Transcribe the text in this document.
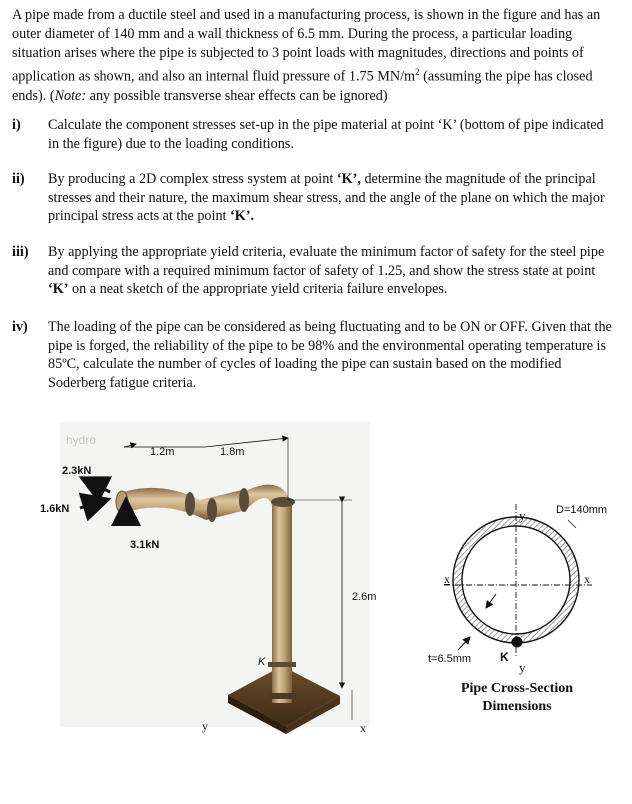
A pipe made from a ductile steel and used in a manufacturing process, is shown in the figure and has an outer diameter of 140 mm and a wall thickness of 6.5 mm. During the process, a particular loading situation arises where the pipe is subjected to 3 point loads with magnitudes, directions and points of application as shown, and also an internal fluid pressure of 1.75 $MN/m^2$ (assuming the pipe has closed ends). (Note: any possible transverse shear effects can be ignored)
i) Calculate the component stresses set-up in the pipe material at point ‘K’ (bottom of pipe indicated in the figure) due to the loading conditions.
ii) By producing a 2D complex stress system at point ‘K’, determine the magnitude of the principal stresses and their nature, the maximum shear stress, and the angle of the plane on which the major principal stress acts at the point ‘K’.
iii) By applying the appropriate yield criteria, evaluate the minimum factor of safety for the steel pipe and compare with a required minimum factor of safety of 1.25, and show the stress state at point ‘K’ on a neat sketch of the appropriate yield criteria failure envelopes.
iv) The loading of the pipe can be considered as being fluctuating and to be ON or OFF. Given that the pipe is forged, the reliability of the pipe to be 98% and the environmental operating temperature is 85ºC, calculate the number of cycles of loading the pipe can sustain based on the modified Soderberg fatigue criteria.
hydro
1.2m	1.8m
2.6m
2.3kN
1.6kN
3.1kN
K
y	x
y	D=140mm
x	x
t=6.5mm K
y
Pipe Cross-Section
Dimensions
